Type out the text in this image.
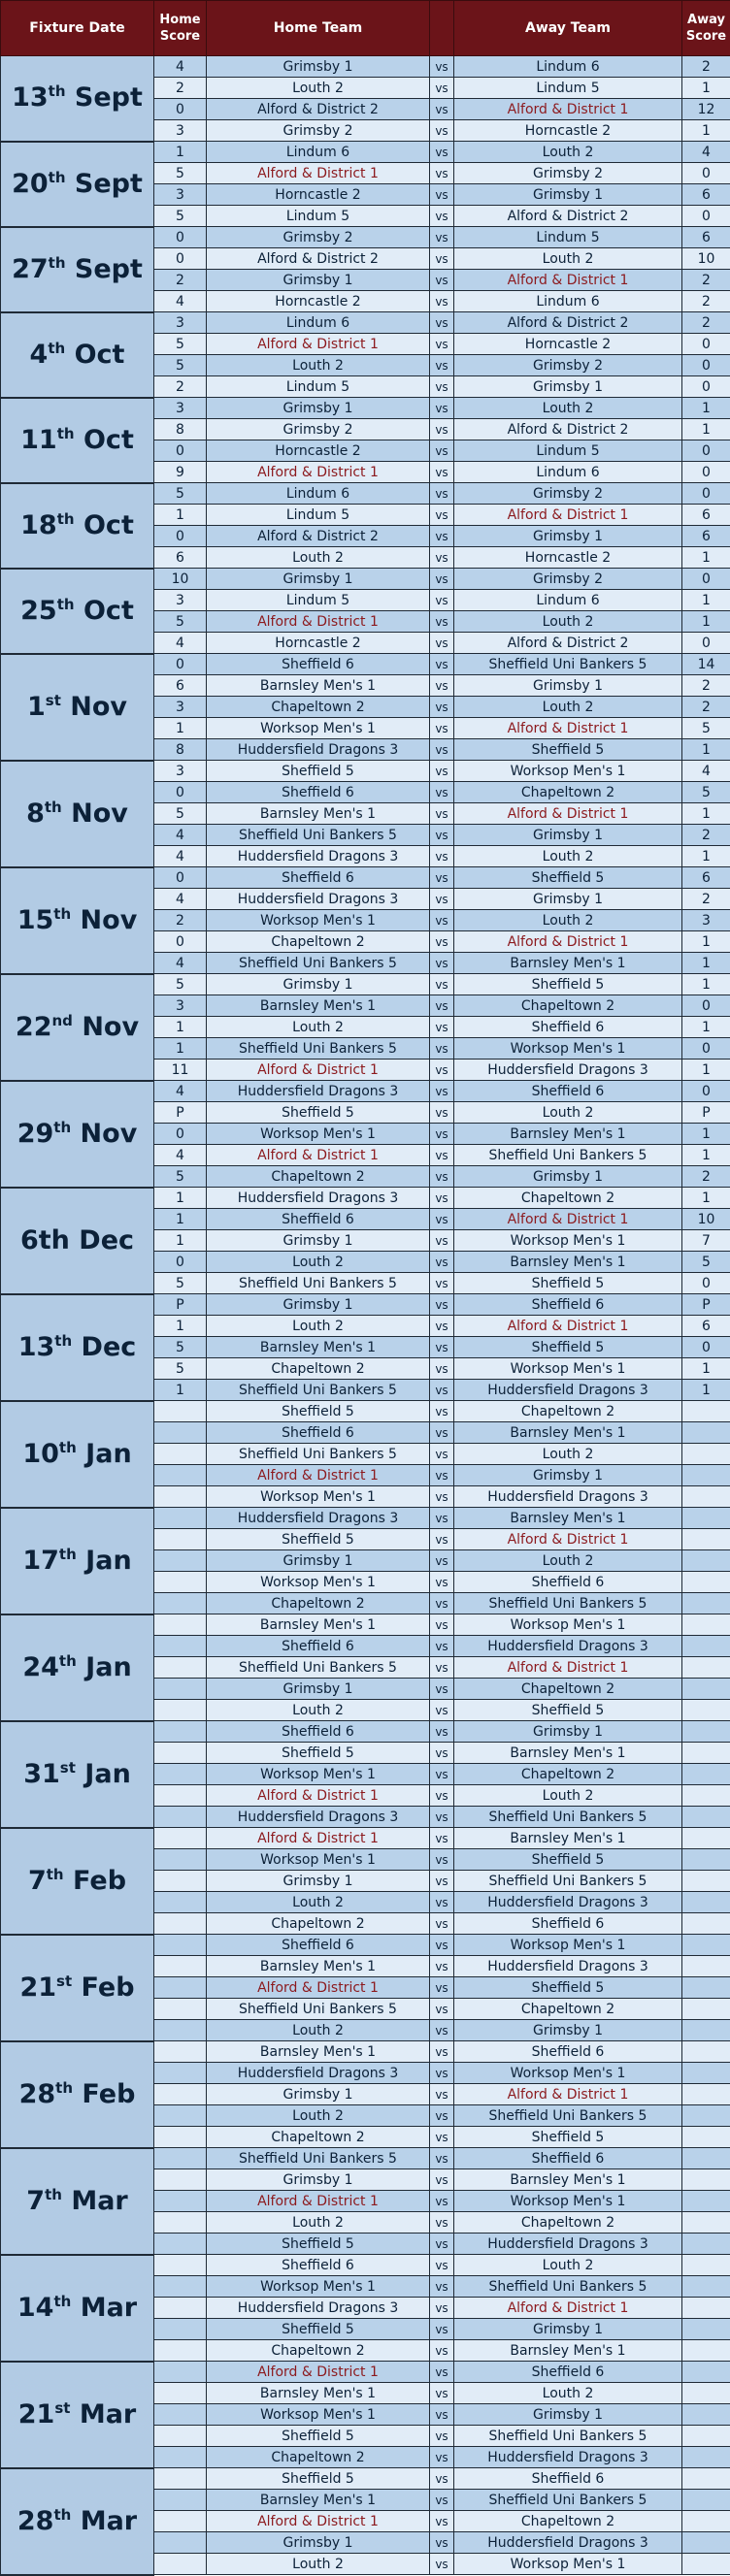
Fixture Date	Home Score	Home Team		Away Team	Away Score
13th Sept	4	Grimsby 1	vs	Lindum 6	2
	2	Louth 2	vs	Lindum 5	1
	0	Alford & District 2	vs	Alford & District 1	12
	3	Grimsby 2	vs	Horncastle 2	1
20th Sept	1	Lindum 6	vs	Louth 2	4
	5	Alford & District 1	vs	Grimsby 2	0
	3	Horncastle 2	vs	Grimsby 1	6
	5	Lindum 5	vs	Alford & District 2	0
27th Sept	0	Grimsby 2	vs	Lindum 5	6
	0	Alford & District 2	vs	Louth 2	10
	2	Grimsby 1	vs	Alford & District 1	2
	4	Horncastle 2	vs	Lindum 6	2
4th Oct	3	Lindum 6	vs	Alford & District 2	2
	5	Alford & District 1	vs	Horncastle 2	0
	5	Louth 2	vs	Grimsby 2	0
	2	Lindum 5	vs	Grimsby 1	0
11th Oct	3	Grimsby 1	vs	Louth 2	1
	8	Grimsby 2	vs	Alford & District 2	1
	0	Horncastle 2	vs	Lindum 5	0
	9	Alford & District 1	vs	Lindum 6	0
18th Oct	5	Lindum 6	vs	Grimsby 2	0
	1	Lindum 5	vs	Alford & District 1	6
	0	Alford & District 2	vs	Grimsby 1	6
	6	Louth 2	vs	Horncastle 2	1
25th Oct	10	Grimsby 1	vs	Grimsby 2	0
	3	Lindum 5	vs	Lindum 6	1
	5	Alford & District 1	vs	Louth 2	1
	4	Horncastle 2	vs	Alford & District 2	0
1st Nov	0	Sheffield 6	vs	Sheffield Uni Bankers 5	14
	6	Barnsley Men's 1	vs	Grimsby 1	2
	3	Chapeltown 2	vs	Louth 2	2
	1	Worksop Men's 1	vs	Alford & District 1	5
	8	Huddersfield Dragons 3	vs	Sheffield 5	1
8th Nov	3	Sheffield 5	vs	Worksop Men's 1	4
	0	Sheffield 6	vs	Chapeltown 2	5
	5	Barnsley Men's 1	vs	Alford & District 1	1
	4	Sheffield Uni Bankers 5	vs	Grimsby 1	2
	4	Huddersfield Dragons 3	vs	Louth 2	1
15th Nov	0	Sheffield 6	vs	Sheffield 5	6
	4	Huddersfield Dragons 3	vs	Grimsby 1	2
	2	Worksop Men's 1	vs	Louth 2	3
	0	Chapeltown 2	vs	Alford & District 1	1
	4	Sheffield Uni Bankers 5	vs	Barnsley Men's 1	1
22nd Nov	5	Grimsby 1	vs	Sheffield 5	1
	3	Barnsley Men's 1	vs	Chapeltown 2	0
	1	Louth 2	vs	Sheffield 6	1
	1	Sheffield Uni Bankers 5	vs	Worksop Men's 1	0
	11	Alford & District 1	vs	Huddersfield Dragons 3	1
29th Nov	4	Huddersfield Dragons 3	vs	Sheffield 6	0
	P	Sheffield 5	vs	Louth 2	P
	0	Worksop Men's 1	vs	Barnsley Men's 1	1
	4	Alford & District 1	vs	Sheffield Uni Bankers 5	1
	5	Chapeltown 2	vs	Grimsby 1	2
6th Dec	1	Huddersfield Dragons 3	vs	Chapeltown 2	1
	1	Sheffield 6	vs	Alford & District 1	10
	1	Grimsby 1	vs	Worksop Men's 1	7
	0	Louth 2	vs	Barnsley Men's 1	5
	5	Sheffield Uni Bankers 5	vs	Sheffield 5	0
13th Dec	P	Grimsby 1	vs	Sheffield 6	P
	1	Louth 2	vs	Alford & District 1	6
	5	Barnsley Men's 1	vs	Sheffield 5	0
	5	Chapeltown 2	vs	Worksop Men's 1	1
	1	Sheffield Uni Bankers 5	vs	Huddersfield Dragons 3	1
10th Jan		Sheffield 5	vs	Chapeltown 2	
		Sheffield 6	vs	Barnsley Men's 1	
		Sheffield Uni Bankers 5	vs	Louth 2	
		Alford & District 1	vs	Grimsby 1	
		Worksop Men's 1	vs	Huddersfield Dragons 3	
17th Jan		Huddersfield Dragons 3	vs	Barnsley Men's 1	
		Sheffield 5	vs	Alford & District 1	
		Grimsby 1	vs	Louth 2	
		Worksop Men's 1	vs	Sheffield 6	
		Chapeltown 2	vs	Sheffield Uni Bankers 5	
24th Jan		Barnsley Men's 1	vs	Worksop Men's 1	
		Sheffield 6	vs	Huddersfield Dragons 3	
		Sheffield Uni Bankers 5	vs	Alford & District 1	
		Grimsby 1	vs	Chapeltown 2	
		Louth 2	vs	Sheffield 5	
31st Jan		Sheffield 6	vs	Grimsby 1	
		Sheffield 5	vs	Barnsley Men's 1	
		Worksop Men's 1	vs	Chapeltown 2	
		Alford & District 1	vs	Louth 2	
		Huddersfield Dragons 3	vs	Sheffield Uni Bankers 5	
7th Feb		Alford & District 1	vs	Barnsley Men's 1	
		Worksop Men's 1	vs	Sheffield 5	
		Grimsby 1	vs	Sheffield Uni Bankers 5	
		Louth 2	vs	Huddersfield Dragons 3	
		Chapeltown 2	vs	Sheffield 6	
21st Feb		Sheffield 6	vs	Worksop Men's 1	
		Barnsley Men's 1	vs	Huddersfield Dragons 3	
		Alford & District 1	vs	Sheffield 5	
		Sheffield Uni Bankers 5	vs	Chapeltown 2	
		Louth 2	vs	Grimsby 1	
28th Feb		Barnsley Men's 1	vs	Sheffield 6	
		Huddersfield Dragons 3	vs	Worksop Men's 1	
		Grimsby 1	vs	Alford & District 1	
		Louth 2	vs	Sheffield Uni Bankers 5	
		Chapeltown 2	vs	Sheffield 5	
7th Mar		Sheffield Uni Bankers 5	vs	Sheffield 6	
		Grimsby 1	vs	Barnsley Men's 1	
		Alford & District 1	vs	Worksop Men's 1	
		Louth 2	vs	Chapeltown 2	
		Sheffield 5	vs	Huddersfield Dragons 3	
14th Mar		Sheffield 6	vs	Louth 2	
		Worksop Men's 1	vs	Sheffield Uni Bankers 5	
		Huddersfield Dragons 3	vs	Alford & District 1	
		Sheffield 5	vs	Grimsby 1	
		Chapeltown 2	vs	Barnsley Men's 1	
21st Mar		Alford & District 1	vs	Sheffield 6	
		Barnsley Men's 1	vs	Louth 2	
		Worksop Men's 1	vs	Grimsby 1	
		Sheffield 5	vs	Sheffield Uni Bankers 5	
		Chapeltown 2	vs	Huddersfield Dragons 3	
28th Mar		Sheffield 5	vs	Sheffield 6	
		Barnsley Men's 1	vs	Sheffield Uni Bankers 5	
		Alford & District 1	vs	Chapeltown 2	
		Grimsby 1	vs	Huddersfield Dragons 3	
		Louth 2	vs	Worksop Men's 1	
